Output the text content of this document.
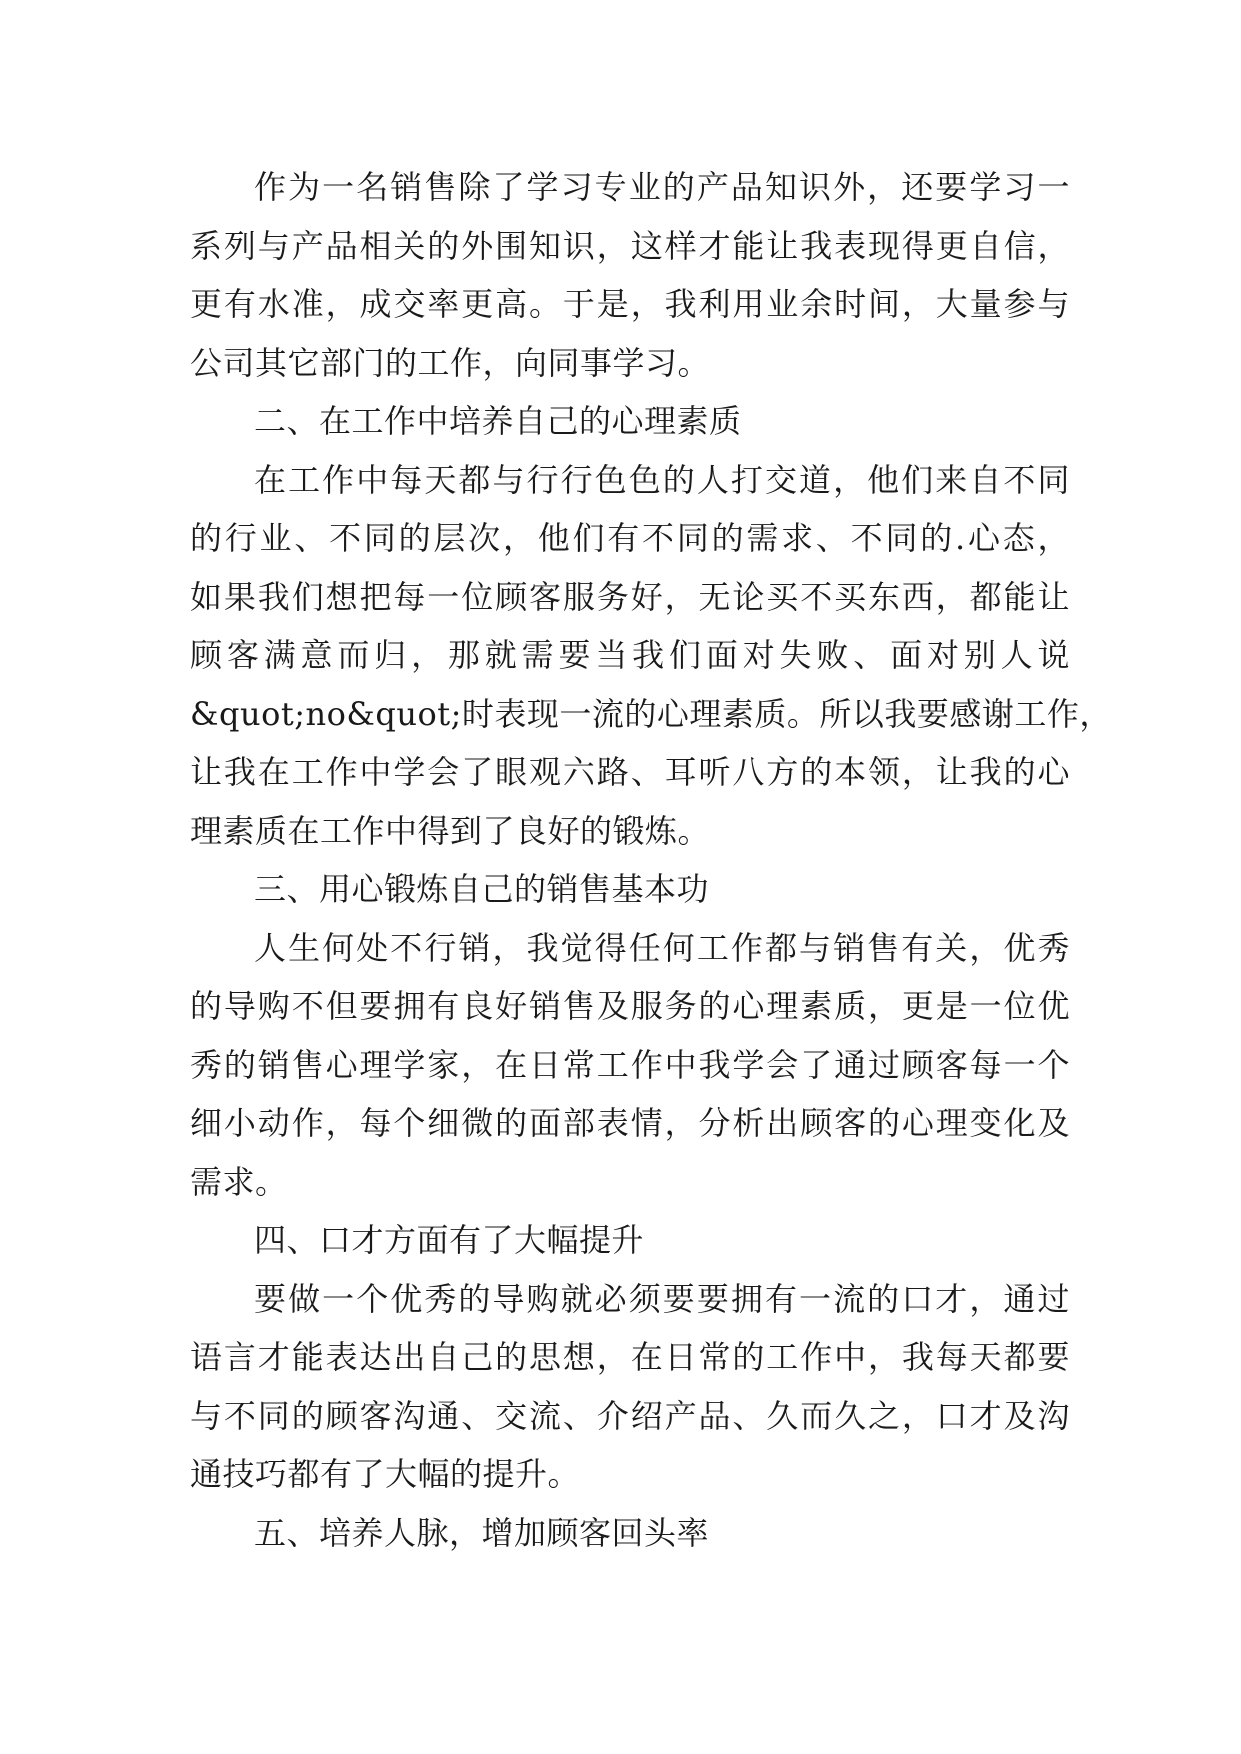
作为一名销售除了学习专业的产品知识外，还要学习一
系列与产品相关的外围知识，这样才能让我表现得更自信，
更有水准，成交率更高。于是，我利用业余时间，大量参与
公司其它部门的工作，向同事学习。
二、在工作中培养自己的心理素质
在工作中每天都与行行色色的人打交道，他们来自不同
的行业、不同的层次，他们有不同的需求、不同的.心态，
如果我们想把每一位顾客服务好，无论买不买东西，都能让
顾客满意而归，那就需要当我们面对失败、面对别人说
&quot;no&quot;时表现一流的心理素质。所以我要感谢工作，
让我在工作中学会了眼观六路、耳听八方的本领，让我的心
理素质在工作中得到了良好的锻炼。
三、用心锻炼自己的销售基本功
人生何处不行销，我觉得任何工作都与销售有关，优秀
的导购不但要拥有良好销售及服务的心理素质，更是一位优
秀的销售心理学家，在日常工作中我学会了通过顾客每一个
细小动作，每个细微的面部表情，分析出顾客的心理变化及
需求。
四、口才方面有了大幅提升
要做一个优秀的导购就必须要要拥有一流的口才，通过
语言才能表达出自己的思想，在日常的工作中，我每天都要
与不同的顾客沟通、交流、介绍产品、久而久之，口才及沟
通技巧都有了大幅的提升。
五、培养人脉，增加顾客回头率
